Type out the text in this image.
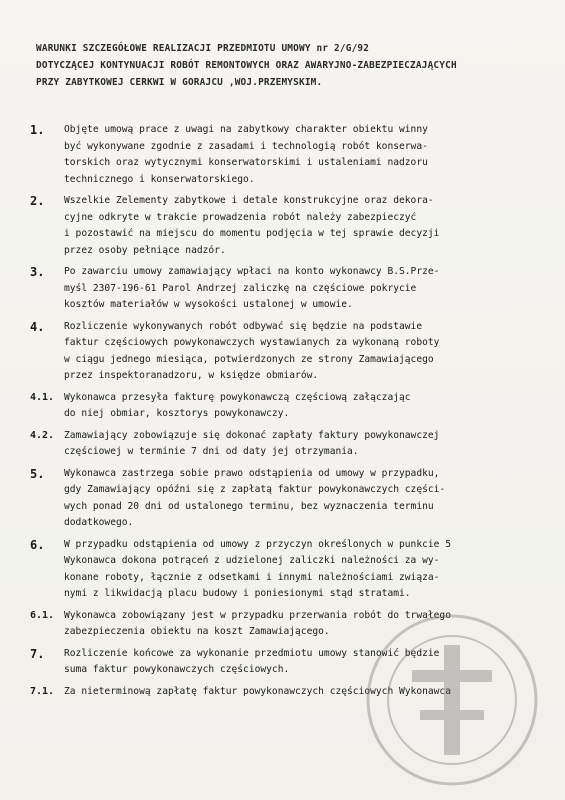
WARUNKI SZCZEGÓŁOWE REALIZACJI PRZEDMIOTU UMOWY nr 2/G/92
DOTYCZĄCEJ KONTYNUACJI ROBÓT REMONTOWYCH ORAZ AWARYJNO-ZABEZPIECZAJĄCYCH
PRZY ZABYTKOWEJ CERKWI W GORAJCU ,WOJ.PRZEMYSKIM.
1.	Objęte umową prace z uwagi na zabytkowy charakter obiektu winny
być wykonywane zgodnie z zasadami i technologią robót konserwa-
torskich oraz wytycznymi konserwatorskimi i ustaleniami nadzoru
technicznego i konserwatorskiego.
2.	Wszelkie Zelementy zabytkowe i detale konstrukcyjne oraz dekora-
cyjne odkryte w trakcie prowadzenia robót należy zabezpieczyć
i pozostawić na miejscu do momentu podjęcia w tej sprawie decyzji
przez osoby pełniące nadzór.
3.	Po zawarciu umowy zamawiający wpłaci na konto wykonawcy B.S.Prze-
myśl 2307-196-61 Parol Andrzej zaliczkę na częściowe pokrycie
kosztów materiałów w wysokości ustalonej w umowie.
4.	Rozliczenie wykonywanych robót odbywać się będzie na podstawie
faktur częściowych powykonawczych wystawianych za wykonaną roboty
w ciągu jednego miesiąca, potwierdzonych ze strony Zamawiającego
przez inspektoranadzoru, w księdze obmiarów.
4.1.	Wykonawca przesyła fakturę powykonawczą częściową załączając
do niej obmiar, kosztorys powykonawczy.
4.2.	Zamawiający zobowiązuje się dokonać zapłaty faktury powykonawczej
częściowej w terminie 7 dni od daty jej otrzymania.
5.	Wykonawca zastrzega sobie prawo odstąpienia od umowy w przypadku,
gdy Zamawiający opóźni się z zapłatą faktur powykonawczych części-
wych ponad 20 dni od ustalonego terminu, bez wyznaczenia terminu
dodatkowego.
6.	W przypadku odstąpienia od umowy z przyczyn określonych w punkcie 5
Wykonawca dokona potrąceń z udzielonej zaliczki należności za wy-
konane roboty, łącznie z odsetkami i innymi należnościami związa-
nymi z likwidacją placu budowy i poniesionymi stąd stratami.
6.1.	Wykonawca zobowiązany jest w przypadku przerwania robót do trwałego
zabezpieczenia obiektu na koszt Zamawiającego.
7.	Rozliczenie końcowe za wykonanie przedmiotu umowy stanowić będzie
suma faktur powykonawczych częściowych.
7.1.	Za nieterminową zapłatę faktur powykonawczych częściowych Wykonawca
